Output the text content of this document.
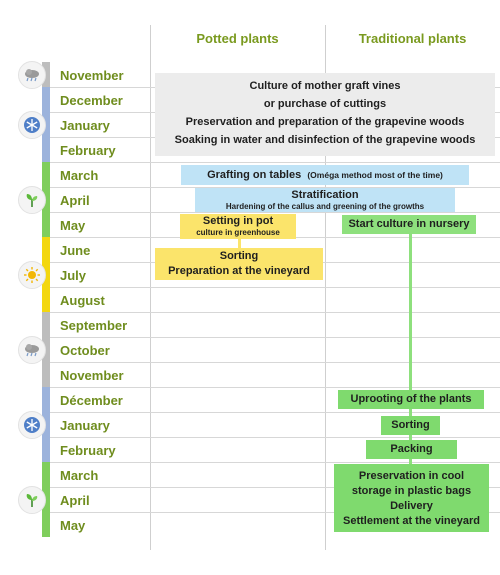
Potted plants	Traditional plants
November
December
January
February
March
April
May
June
July
August
September
October
November
Décember
January
February
March
April
May
Culture of mother graft vines
or purchase of cuttings
Preservation and preparation of the grapevine woods
Soaking in water and disinfection of the grapevine woods
Grafting on tables (Oméga method most of the time)
Stratification
Hardening of the callus and greening of the growths
Setting in pot
culture in greenhouse
Sorting
Preparation at the vineyard
Start culture in nursery
Uprooting of the plants
Sorting
Packing
Preservation in cool
storage in plastic bags
Delivery
Settlement at the vineyard
